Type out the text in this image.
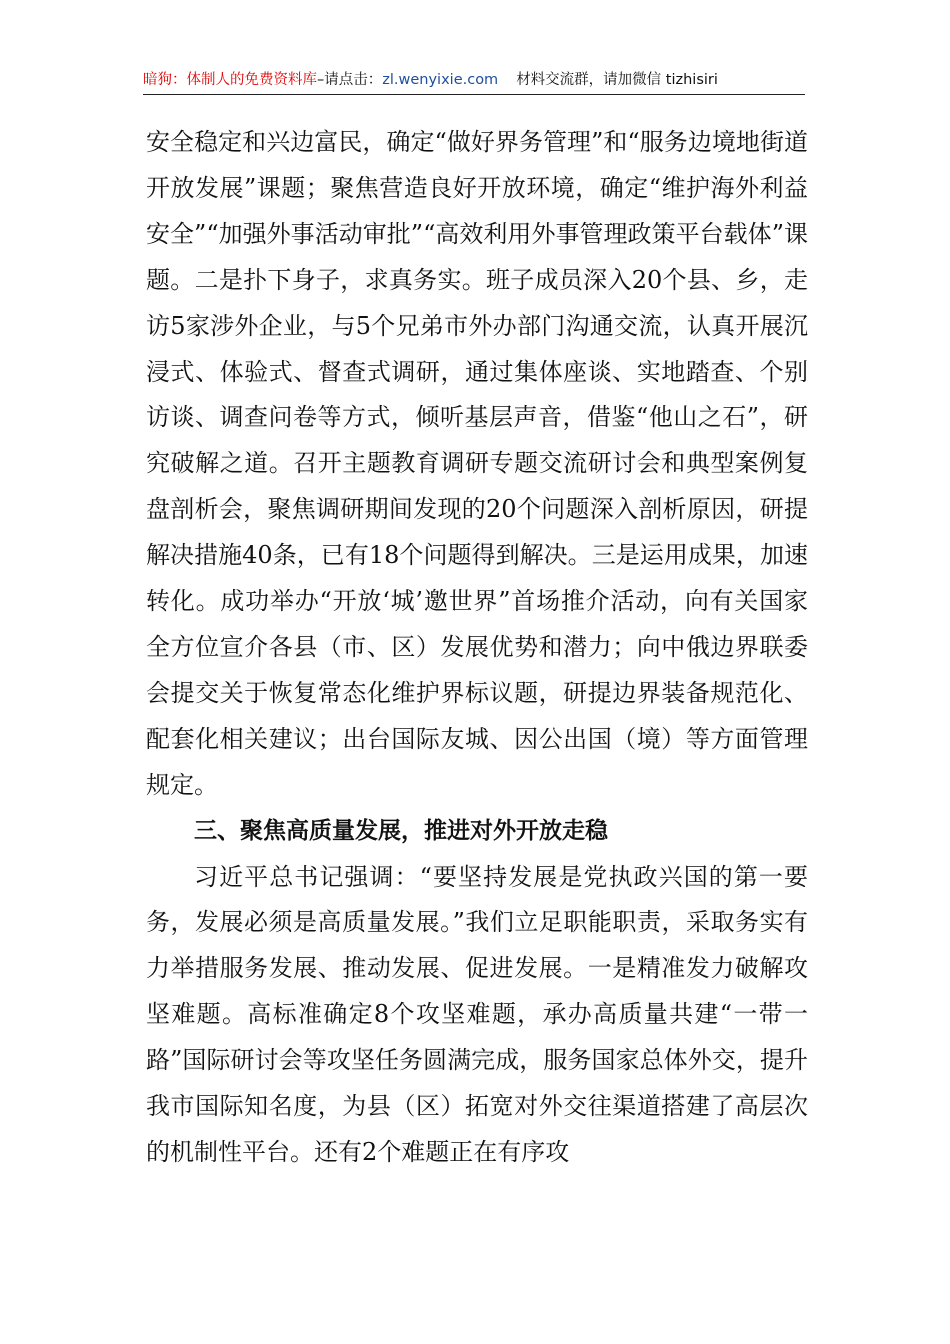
暗狗：体制人的免费资料库–请点击：zl.wenyixie.com 材料交流群，请加微信 tizhisiri

安全稳定和兴边富民，确定“做好界务管理”和“服务边境地街道开放发展”课题；聚焦营造良好开放环境，确定“维护海外利益安全”“加强外事活动审批”“高效利用外事管理政策平台载体”课题。二是扑下身子，求真务实。班子成员深入20个县、乡，走访5家涉外企业，与5个兄弟市外办部门沟通交流，认真开展沉浸式、体验式、督查式调研，通过集体座谈、实地踏查、个别访谈、调查问卷等方式，倾听基层声音，借鉴“他山之石”，研究破解之道。召开主题教育调研专题交流研讨会和典型案例复盘剖析会，聚焦调研期间发现的20个问题深入剖析原因，研提解决措施40条，已有18个问题得到解决。三是运用成果，加速转化。成功举办“开放‘城’邀世界”首场推介活动，向有关国家全方位宣介各县（市、区）发展优势和潜力；向中俄边界联委会提交关于恢复常态化维护界标议题，研提边界装备规范化、配套化相关建议；出台国际友城、因公出国（境）等方面管理规定。

三、聚焦高质量发展，推进对外开放走稳

习近平总书记强调：“要坚持发展是党执政兴国的第一要务，发展必须是高质量发展。”我们立足职能职责，采取务实有力举措服务发展、推动发展、促进发展。一是精准发力破解攻坚难题。高标准确定8个攻坚难题，承办高质量共建“一带一路”国际研讨会等攻坚任务圆满完成，服务国家总体外交，提升我市国际知名度，为县（区）拓宽对外交往渠道搭建了高层次的机制性平台。还有2个难题正在有序攻
